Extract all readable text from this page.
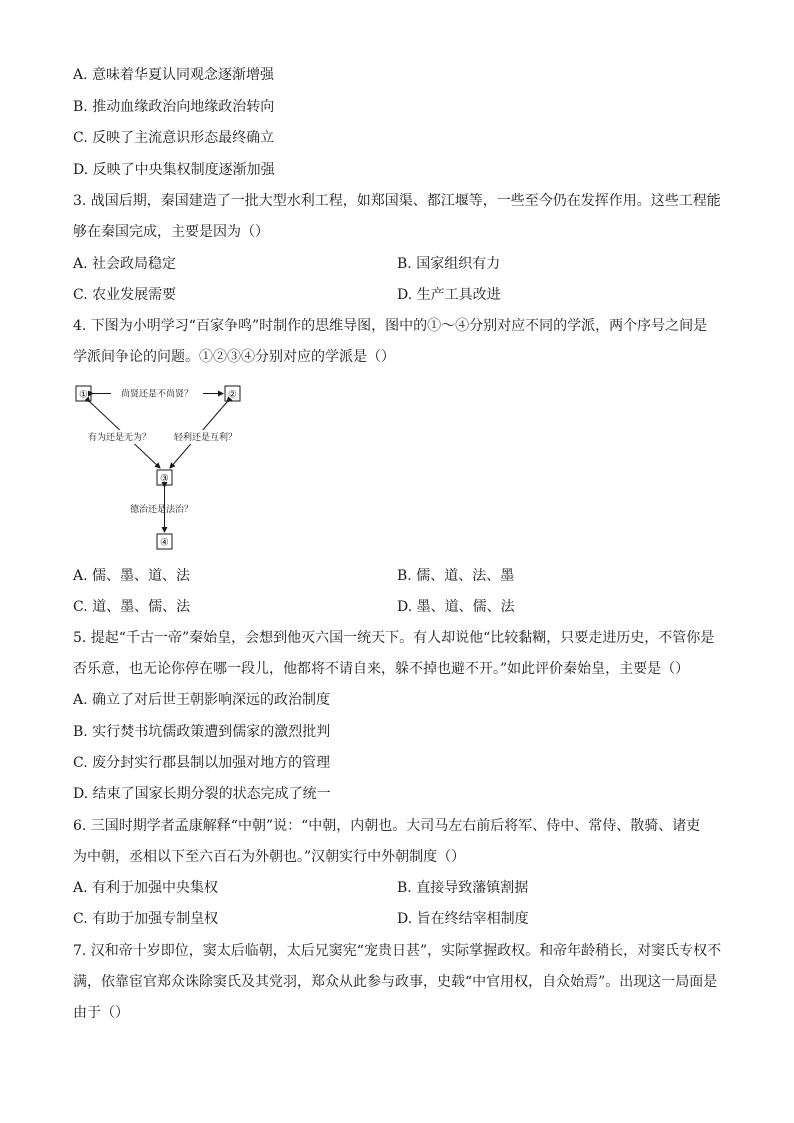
A. 意味着华夏认同观念逐渐增强
B. 推动血缘政治向地缘政治转向
C. 反映了主流意识形态最终确立
D. 反映了中央集权制度逐渐加强
3. 战国后期，秦国建造了一批大型水利工程，如郑国渠、都江堰等，一些至今仍在发挥作用。这些工程能
够在秦国完成，主要是因为（）
A. 社会政局稳定	B. 国家组织有力
C. 农业发展需要	D. 生产工具改进
4. 下图为小明学习“百家争鸣”时制作的思维导图，图中的①～④分别对应不同的学派，两个序号之间是
学派间争论的问题。①②③④分别对应的学派是（）
①	②
③
④
尚贤还是不尚贤？
有为还是无为？	轻利还是互利？
德治还是法治？
A. 儒、墨、道、法	B. 儒、道、法、墨
C. 道、墨、儒、法	D. 墨、道、儒、法
5. 提起“千古一帝”秦始皇，会想到他灭六国一统天下。有人却说他“比较黏糊，只要走进历史，不管你是
否乐意，也无论你停在哪一段儿，他都将不请自来，躲不掉也避不开。”如此评价秦始皇，主要是（）
A. 确立了对后世王朝影响深远的政治制度
B. 实行焚书坑儒政策遭到儒家的激烈批判
C. 废分封实行郡县制以加强对地方的管理
D. 结束了国家长期分裂的状态完成了统一
6. 三国时期学者孟康解释“中朝”说：“中朝，内朝也。大司马左右前后将军、侍中、常侍、散骑、诸吏
为中朝，丞相以下至六百石为外朝也。”汉朝实行中外朝制度（）
A. 有利于加强中央集权	B. 直接导致藩镇割据
C. 有助于加强专制皇权	D. 旨在终结宰相制度
7. 汉和帝十岁即位，窦太后临朝，太后兄窦宪“宠贵日甚”，实际掌握政权。和帝年龄稍长，对窦氏专权不
满，依靠宦官郑众诛除窦氏及其党羽，郑众从此参与政事，史载“中官用权，自众始焉”。出现这一局面是
由于（）
